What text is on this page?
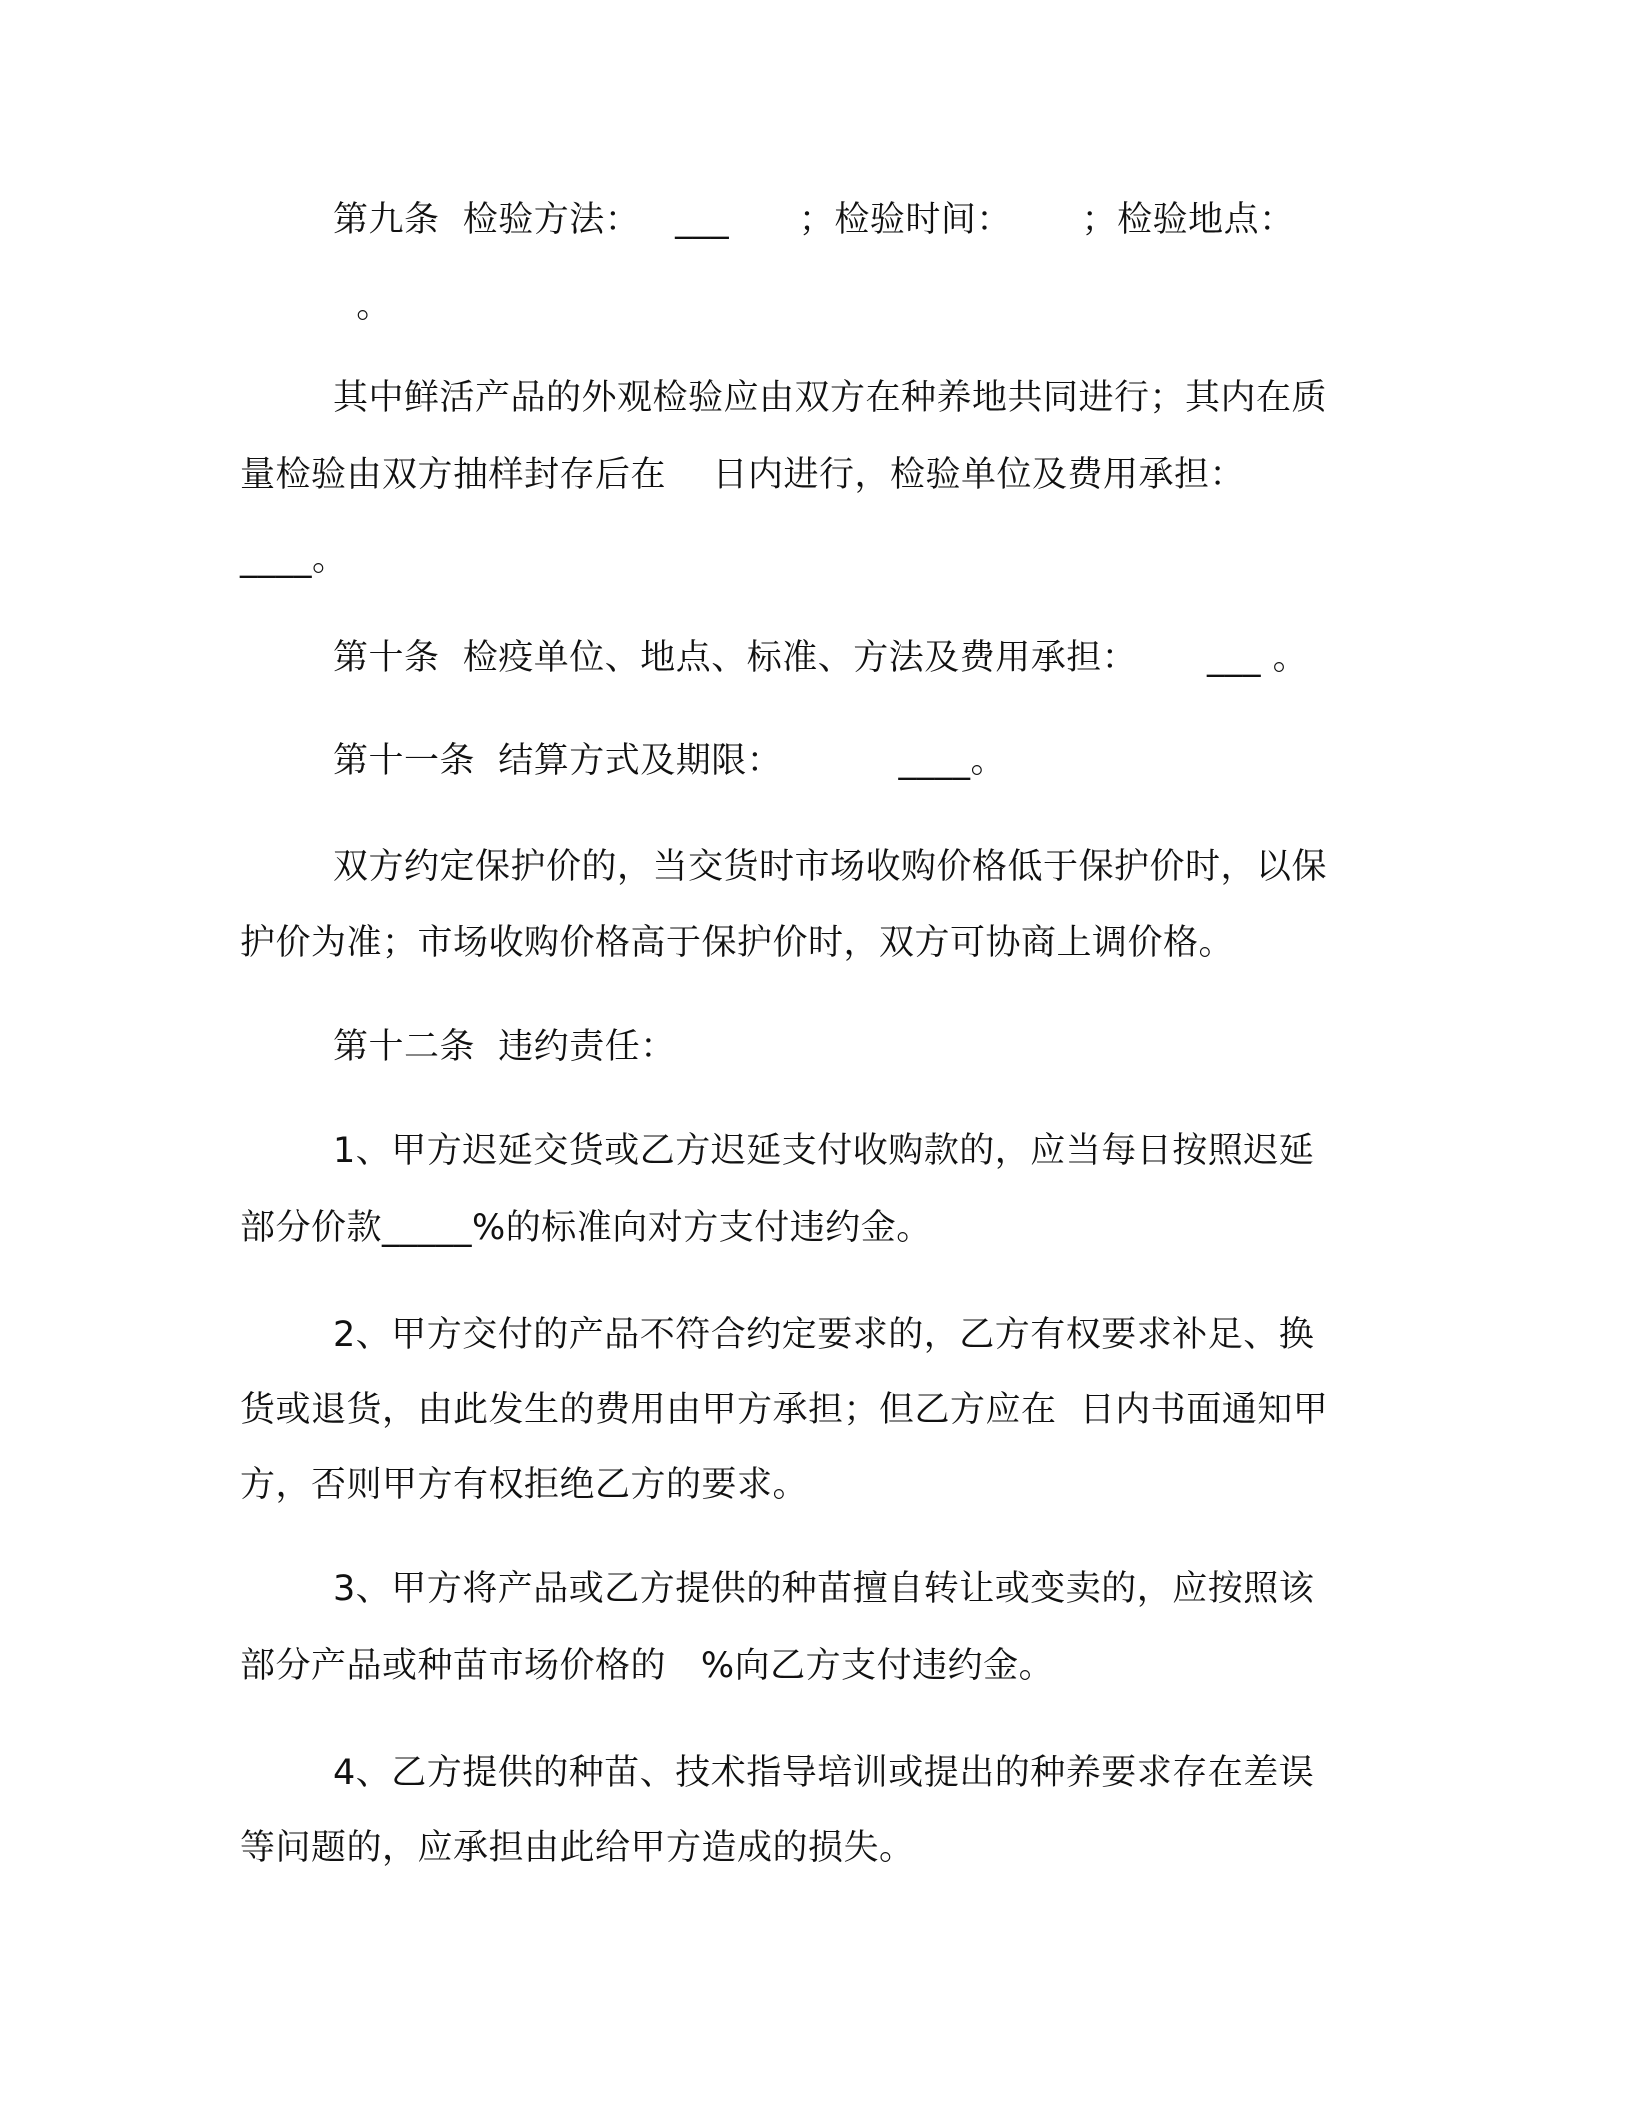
第九条  检验方法：   ___      ；检验时间：      ；检验地点：
。
其中鲜活产品的外观检验应由双方在种养地共同进行；其内在质
量检验由双方抽样封存后在    日内进行，检验单位及费用承担：
____。
第十条  检疫单位、地点、标准、方法及费用承担：      ___ 。
第十一条  结算方式及期限：          ____。
双方约定保护价的，当交货时市场收购价格低于保护价时，以保
护价为准；市场收购价格高于保护价时，双方可协商上调价格。
第十二条  违约责任：
1、甲方迟延交货或乙方迟延支付收购款的，应当每日按照迟延
部分价款_____%的标准向对方支付违约金。
2、甲方交付的产品不符合约定要求的，乙方有权要求补足、换
货或退货，由此发生的费用由甲方承担；但乙方应在  日内书面通知甲
方，否则甲方有权拒绝乙方的要求。
3、甲方将产品或乙方提供的种苗擅自转让或变卖的，应按照该
部分产品或种苗市场价格的   %向乙方支付违约金。
4、乙方提供的种苗、技术指导培训或提出的种养要求存在差误
等问题的，应承担由此给甲方造成的损失。
